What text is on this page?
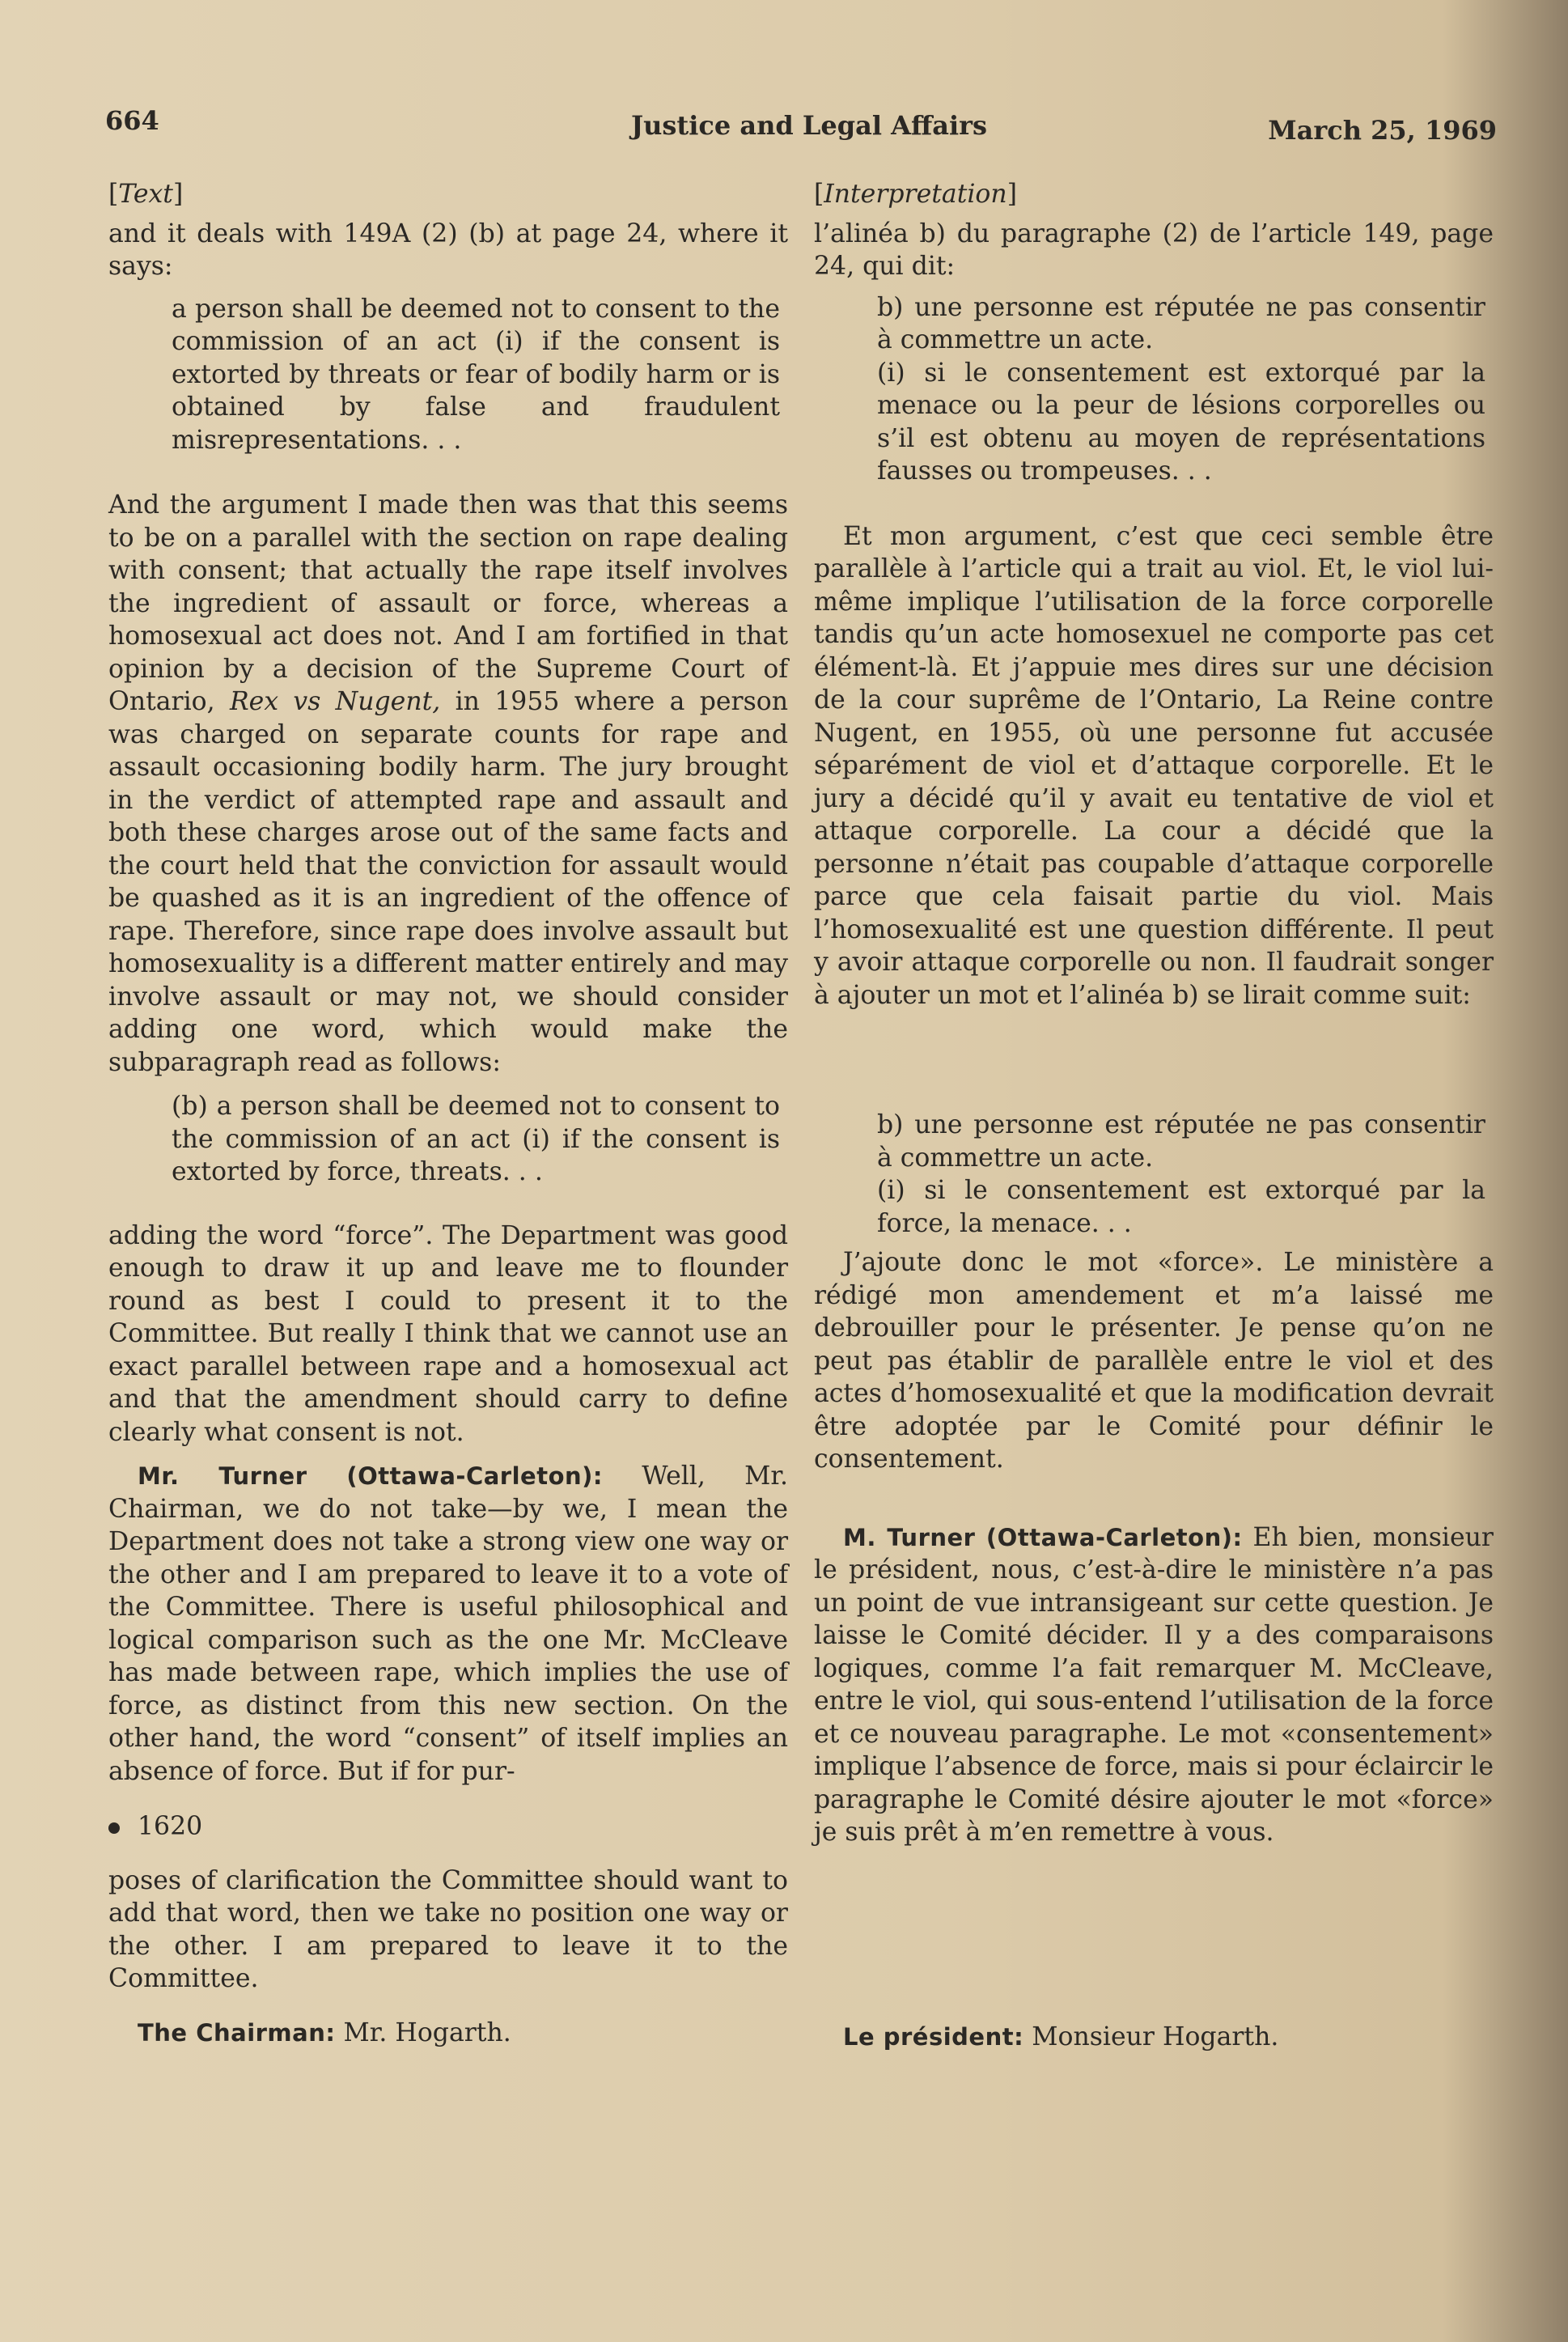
664	Justice and Legal Affairs	March 25, 1969

[Text]

and it deals with 149A (2) (b) at page 24, where it says:

a person shall be deemed not to consent to the commission of an act (i) if the consent is extorted by threats or fear of bodily harm or is obtained by false and fraudulent misrepresentations. . .

And the argument I made then was that this seems to be on a parallel with the section on rape dealing with consent; that actually the rape itself involves the ingredient of assault or force, whereas a homosexual act does not. And I am fortified in that opinion by a decision of the Supreme Court of Ontario, Rex vs Nugent, in 1955 where a person was charged on separate counts for rape and assault occasioning bodily harm. The jury brought in the verdict of attempted rape and assault and both these charges arose out of the same facts and the court held that the conviction for assault would be quashed as it is an ingredient of the offence of rape. Therefore, since rape does involve assault but homosexuality is a different matter entirely and may involve assault or may not, we should consider adding one word, which would make the subparagraph read as follows:

(b) a person shall be deemed not to consent to the commission of an act (i) if the consent is extorted by force, threats. . .

adding the word “force”. The Department was good enough to draw it up and leave me to flounder round as best I could to present it to the Committee. But really I think that we cannot use an exact parallel between rape and a homosexual act and that the amendment should carry to define clearly what consent is not.

Mr. Turner (Ottawa-Carleton): Well, Mr. Chairman, we do not take—by we, I mean the Department does not take a strong view one way or the other and I am prepared to leave it to a vote of the Committee. There is useful philosophical and logical comparison such as the one Mr. McCleave has made between rape, which implies the use of force, as distinct from this new section. On the other hand, the word “consent” of itself implies an absence of force. But if for pur-

1620

poses of clarification the Committee should want to add that word, then we take no position one way or the other. I am prepared to leave it to the Committee.

The Chairman: Mr. Hogarth.

[Interpretation]

l’alinéa b) du paragraphe (2) de l’article 149, page 24, qui dit:

b) une personne est réputée ne pas consentir à commettre un acte.

(i) si le consentement est extorqué par la menace ou la peur de lésions corporelles ou s’il est obtenu au moyen de représentations fausses ou trompeuses. . .

Et mon argument, c’est que ceci semble être parallèle à l’article qui a trait au viol. Et, le viol lui-même implique l’utilisation de la force corporelle tandis qu’un acte homosexuel ne comporte pas cet élément-là. Et j’appuie mes dires sur une décision de la cour suprême de l’Ontario, La Reine contre Nugent, en 1955, où une personne fut accusée séparément de viol et d’attaque corporelle. Et le jury a décidé qu’il y avait eu tentative de viol et attaque corporelle. La cour a décidé que la personne n’était pas coupable d’attaque corporelle parce que cela faisait partie du viol. Mais l’homosexualité est une question différente. Il peut y avoir attaque corporelle ou non. Il faudrait songer à ajouter un mot et l’alinéa b) se lirait comme suit:

b) une personne est réputée ne pas consentir à commettre un acte.

(i) si le consentement est extorqué par la force, la menace. . .

J’ajoute donc le mot «force». Le ministère a rédigé mon amendement et m’a laissé me debrouiller pour le présenter. Je pense qu’on ne peut pas établir de parallèle entre le viol et des actes d’homosexualité et que la modification devrait être adoptée par le Comité pour définir le consentement.

M. Turner (Ottawa-Carleton): Eh bien, monsieur le président, nous, c’est-à-dire le ministère n’a pas un point de vue intransigeant sur cette question. Je laisse le Comité décider. Il y a des comparaisons logiques, comme l’a fait remarquer M. McCleave, entre le viol, qui sous-entend l’utilisation de la force et ce nouveau paragraphe. Le mot «consentement» implique l’absence de force, mais si pour éclaircir le paragraphe le Comité désire ajouter le mot «force» je suis prêt à m’en remettre à vous.

Le président: Monsieur Hogarth.
